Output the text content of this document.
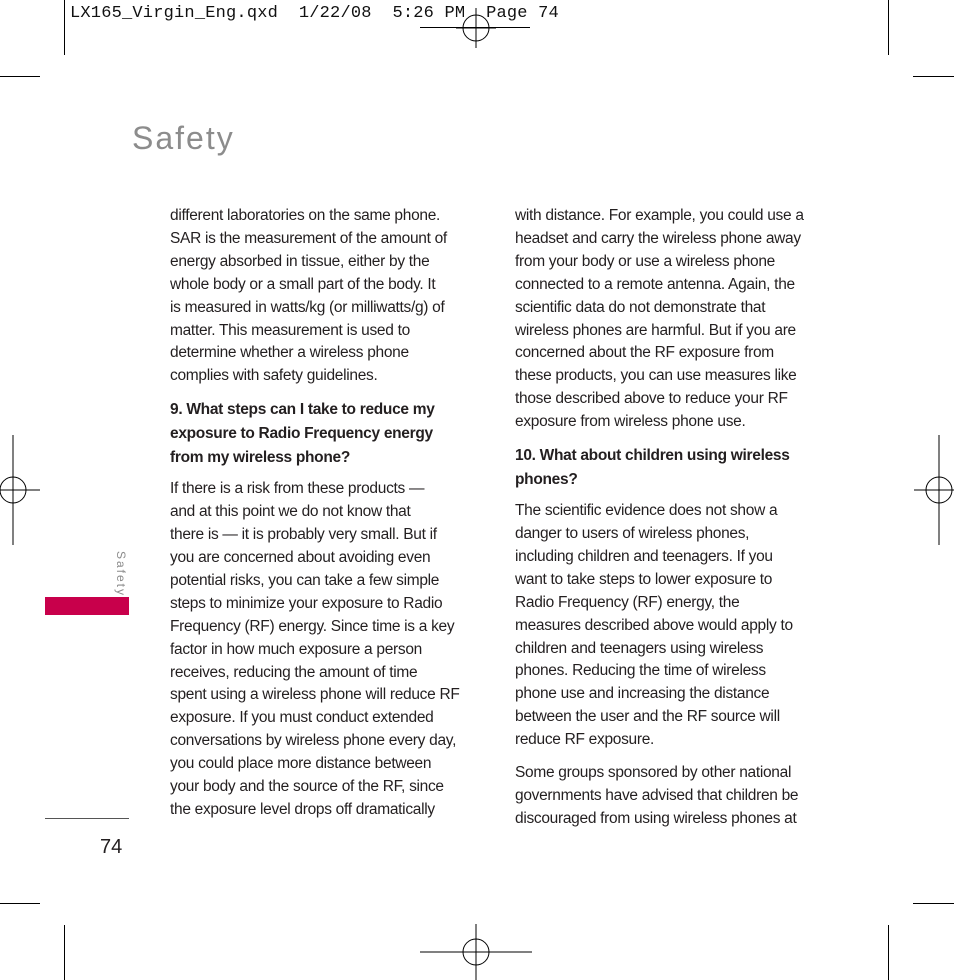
LX165_Virgin_Eng.qxd  1/22/08  5:26 PM  Page 74
Safety
Safety
74

different laboratories on the same phone.
SAR is the measurement of the amount of
energy absorbed in tissue, either by the
whole body or a small part of the body. It
is measured in watts/kg (or milliwatts/g) of
matter. This measurement is used to
determine whether a wireless phone
complies with safety guidelines.

9. What steps can I take to reduce my
exposure to Radio Frequency energy
from my wireless phone?

If there is a risk from these products —
and at this point we do not know that
there is — it is probably very small. But if
you are concerned about avoiding even
potential risks, you can take a few simple
steps to minimize your exposure to Radio
Frequency (RF) energy. Since time is a key
factor in how much exposure a person
receives, reducing the amount of time
spent using a wireless phone will reduce RF
exposure. If you must conduct extended
conversations by wireless phone every day,
you could place more distance between
your body and the source of the RF, since
the exposure level drops off dramatically

with distance. For example, you could use a
headset and carry the wireless phone away
from your body or use a wireless phone
connected to a remote antenna. Again, the
scientific data do not demonstrate that
wireless phones are harmful. But if you are
concerned about the RF exposure from
these products, you can use measures like
those described above to reduce your RF
exposure from wireless phone use.

10. What about children using wireless
phones?

The scientific evidence does not show a
danger to users of wireless phones,
including children and teenagers. If you
want to take steps to lower exposure to
Radio Frequency (RF) energy, the
measures described above would apply to
children and teenagers using wireless
phones. Reducing the time of wireless
phone use and increasing the distance
between the user and the RF source will
reduce RF exposure.

Some groups sponsored by other national
governments have advised that children be
discouraged from using wireless phones at
